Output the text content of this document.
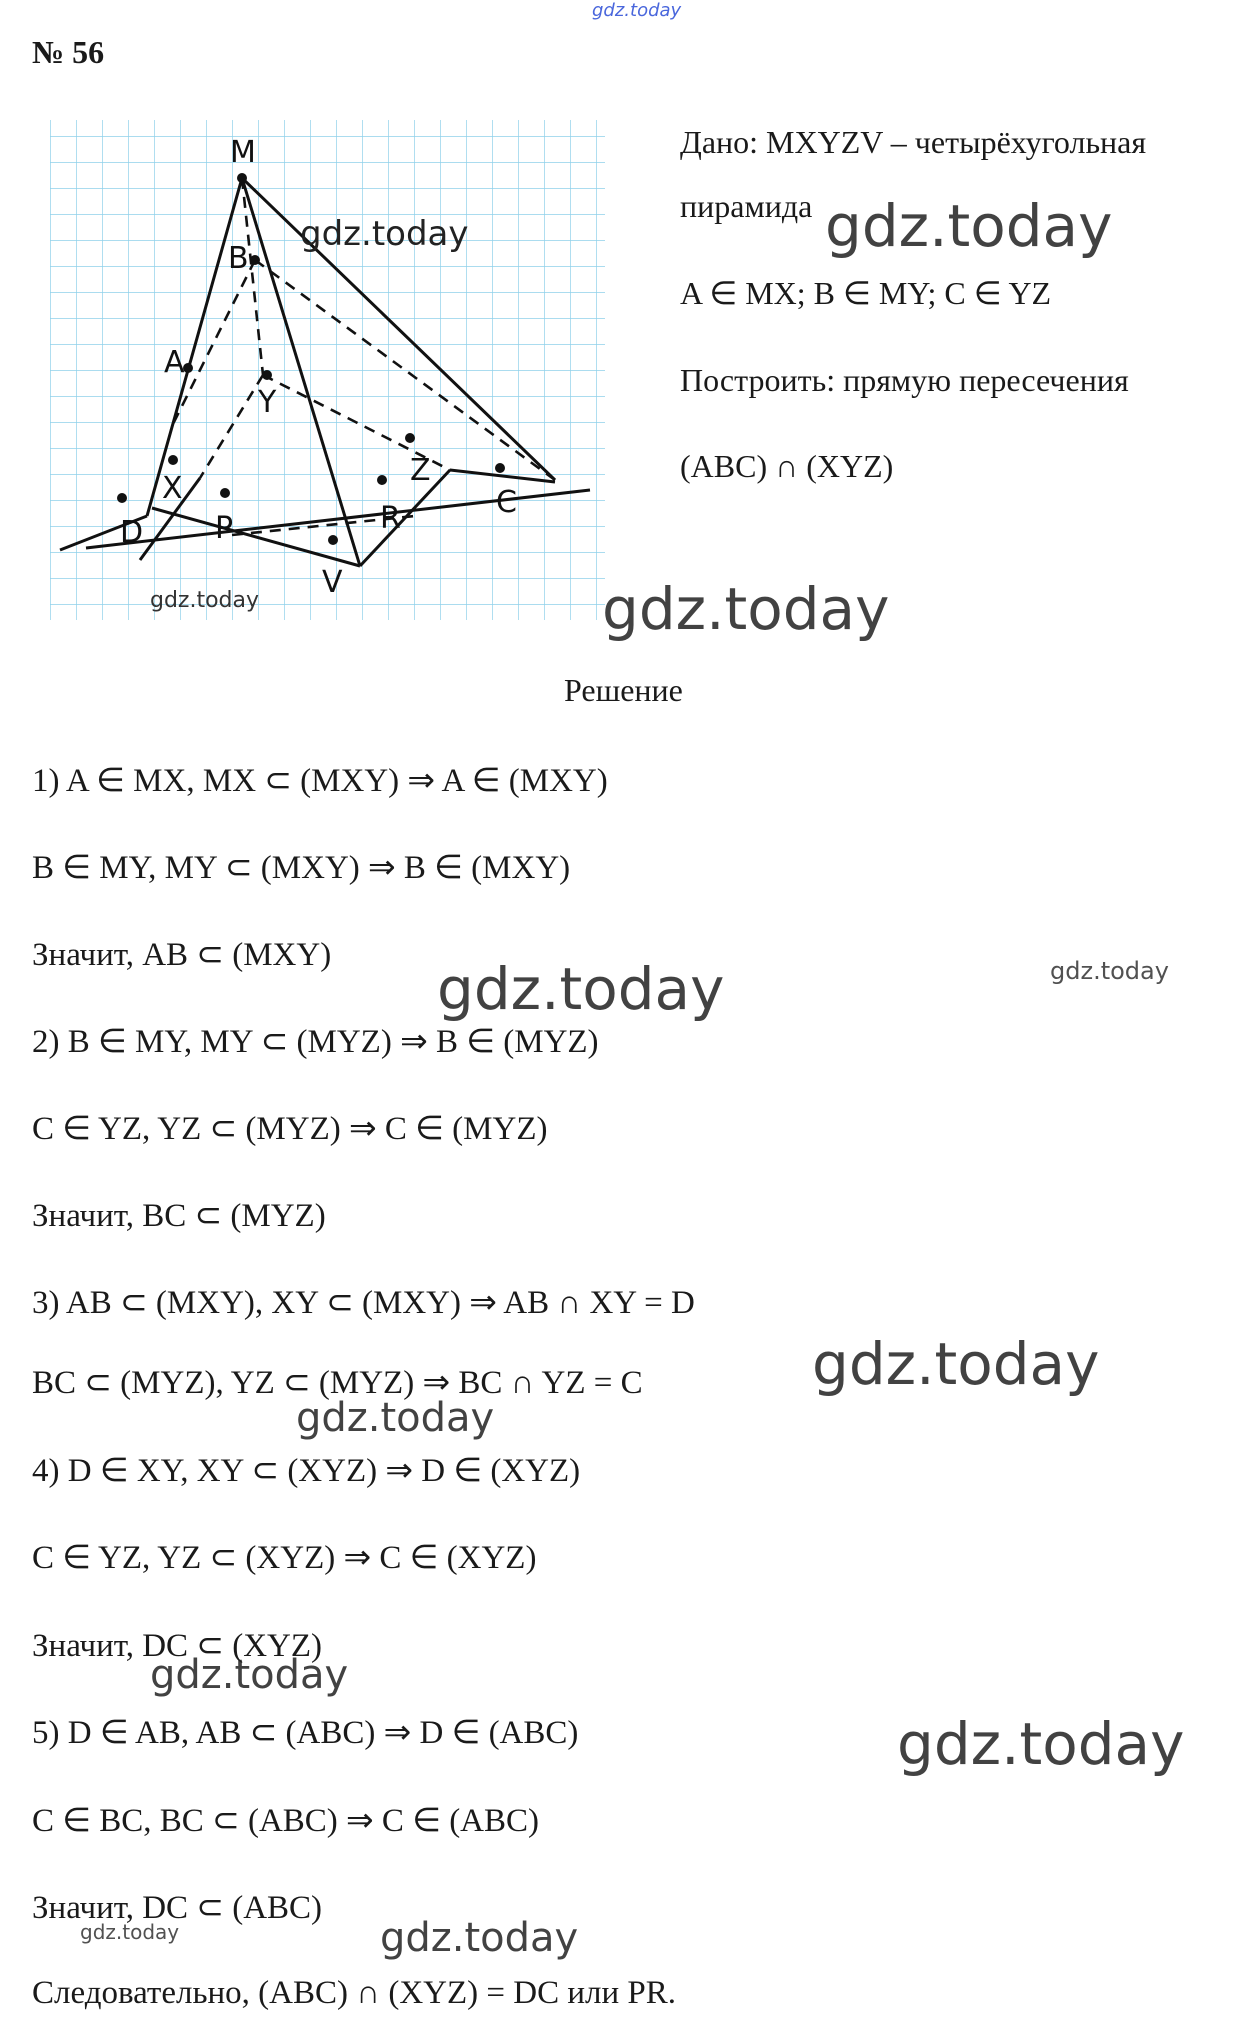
gdz.today
№ 56
M
B
A
Y
X
D P
V
R
Z
C
gdz.today
gdz.today
Дано: MXYZV – четырёхугольная
пирамида
A ∈ MX; B ∈ MY; C ∈ YZ
Построить: прямую пересечения
(ABC) ∩ (XYZ)
Решение
1) A ∈ MX, MX ⊂ (MXY) ⇒ A ∈ (MXY)
B ∈ MY, MY ⊂ (MXY) ⇒ B ∈ (MXY)
Значит, AB ⊂ (MXY)
2) B ∈ MY, MY ⊂ (MYZ) ⇒ B ∈ (MYZ)
C ∈ YZ, YZ ⊂ (MYZ) ⇒ C ∈ (MYZ)
Значит, BC ⊂ (MYZ)
3) AB ⊂ (MXY), XY ⊂ (MXY) ⇒ AB ∩ XY = D
BC ⊂ (MYZ), YZ ⊂ (MYZ) ⇒ BC ∩ YZ = C
4) D ∈ XY, XY ⊂ (XYZ) ⇒ D ∈ (XYZ)
C ∈ YZ, YZ ⊂ (XYZ) ⇒ C ∈ (XYZ)
Значит, DC ⊂ (XYZ)
5) D ∈ AB, AB ⊂ (ABC) ⇒ D ∈ (ABC)
C ∈ BC, BC ⊂ (ABC) ⇒ C ∈ (ABC)
Значит, DC ⊂ (ABC)
Следовательно, (ABC) ∩ (XYZ) = DC или PR.
gdz.today
gdz.today
gdz.today
gdz.today
gdz.today
gdz.today
gdz.today
gdz.today
gdz.today
gdz.today
